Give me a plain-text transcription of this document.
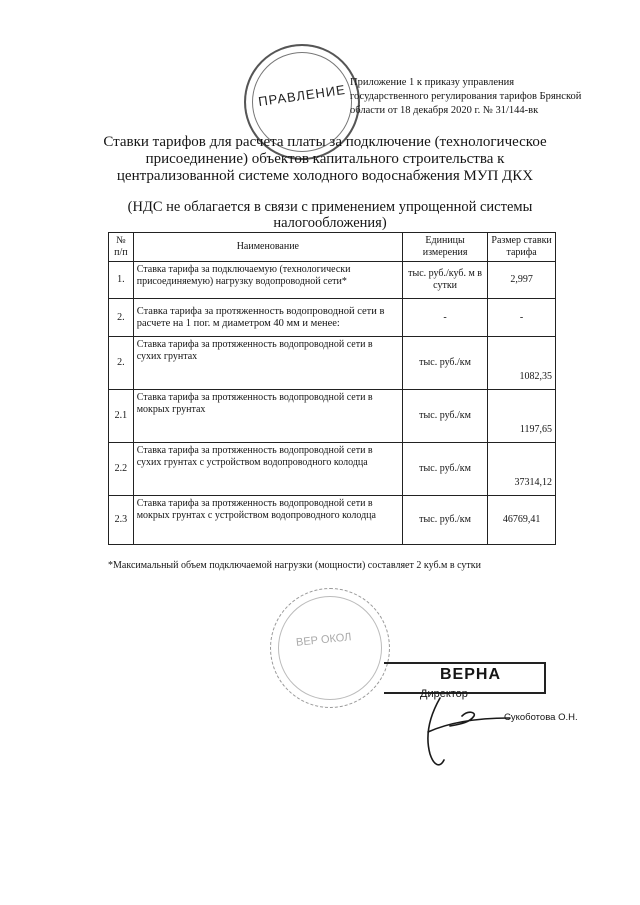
ПРАВЛЕНИЕ Приложение 1 к приказу управления
государственного регулирования тарифов Брянской
области от 18 декабря 2020 г. № 31/144-вк
Ставки тарифов для расчета платы за подключение (технологическое присоединение) объектов капитального строительства к централизованной системе холодного водоснабжения МУП ДКХ
(НДС не облагается в связи с применением упрощенной системы налогообложения)
№ п/п	Наименование	Единицы измерения	Размер ставки тарифа
1.	Ставка тарифа за подключаемую (технологически присоединяемую) нагрузку водопроводной сети*	тыс. руб./куб. м в сутки	2,997
2.	Ставка тарифа за протяженность водопроводной сети в расчете на 1 пог. м диаметром 40 мм и менее:	-	-
2.	Ставка тарифа за протяженность водопроводной сети в сухих грунтах	тыс. руб./км	1082,35
2.1	Ставка тарифа за протяженность водопроводной сети в мокрых грунтах	тыс. руб./км	1197,65
2.2	Ставка тарифа за протяженность водопроводной сети в сухих грунтах с устройством водопроводного колодца	тыс. руб./км	37314,12
2.3	Ставка тарифа за протяженность водопроводной сети в мокрых грунтах с устройством водопроводного колодца	тыс. руб./км	46769,41
*Максимальный объем подключаемой нагрузки (мощности) составляет 2 куб.м в сутки
ВЕР ОКОЛ
ВЕРНА
Директор
Сукоботова О.Н.
